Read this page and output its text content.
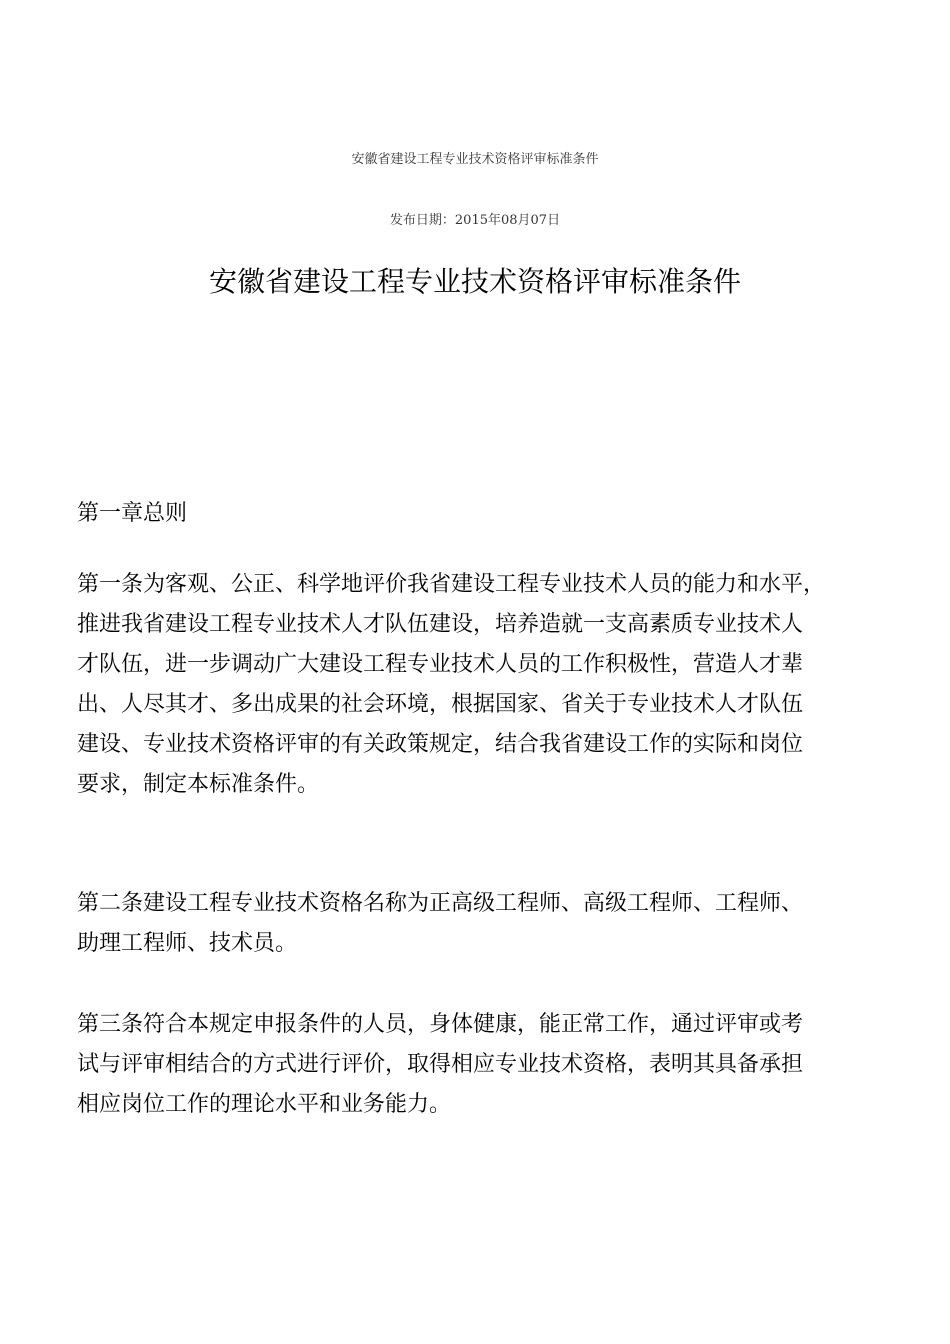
安徽省建设工程专业技术资格评审标准条件
发布日期：2015年08月07日
安徽省建设工程专业技术资格评审标准条件
第一章总则
第一条为客观、公正、科学地评价我省建设工程专业技术人员的能力和水平，
推进我省建设工程专业技术人才队伍建设，培养造就一支高素质专业技术人
才队伍，进一步调动广大建设工程专业技术人员的工作积极性，营造人才辈
出、人尽其才、多出成果的社会环境，根据国家、省关于专业技术人才队伍
建设、专业技术资格评审的有关政策规定，结合我省建设工作的实际和岗位
要求，制定本标准条件。
第二条建设工程专业技术资格名称为正高级工程师、高级工程师、工程师、
助理工程师、技术员。
第三条符合本规定申报条件的人员，身体健康，能正常工作，通过评审或考
试与评审相结合的方式进行评价，取得相应专业技术资格，表明其具备承担
相应岗位工作的理论水平和业务能力。
